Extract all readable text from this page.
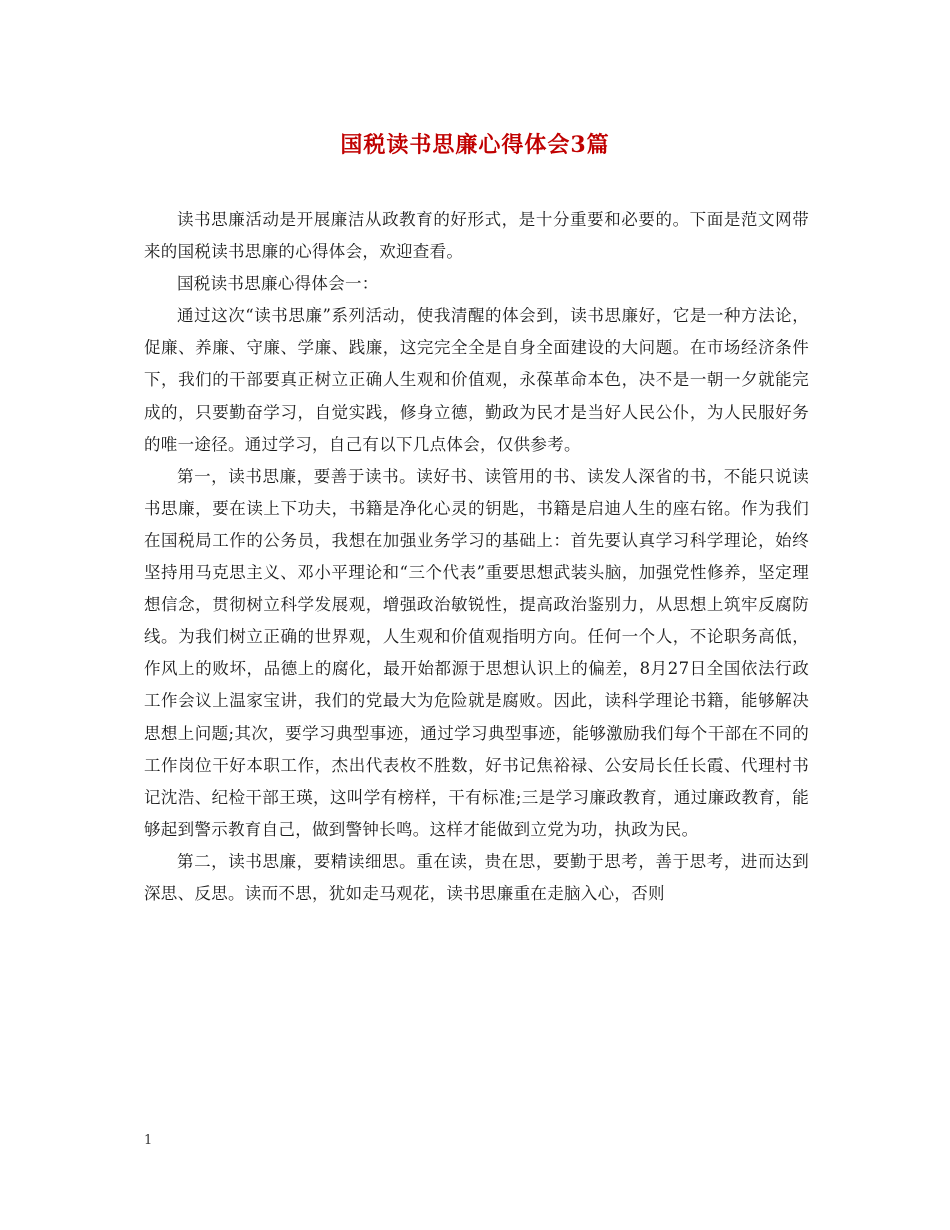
国税读书思廉心得体会3篇

读书思廉活动是开展廉洁从政教育的好形式，是十分重要和必要的。下面是范文网带来的国税读书思廉的心得体会，欢迎查看。

国税读书思廉心得体会一：

通过这次“读书思廉”系列活动，使我清醒的体会到，读书思廉好，它是一种方法论，促廉、养廉、守廉、学廉、践廉，这完完全全是自身全面建设的大问题。在市场经济条件下，我们的干部要真正树立正确人生观和价值观，永葆革命本色，决不是一朝一夕就能完成的，只要勤奋学习，自觉实践，修身立德，勤政为民才是当好人民公仆，为人民服好务的唯一途径。通过学习，自己有以下几点体会，仅供参考。

第一，读书思廉，要善于读书。读好书、读管用的书、读发人深省的书，不能只说读书思廉，要在读上下功夫，书籍是净化心灵的钥匙，书籍是启迪人生的座右铭。作为我们在国税局工作的公务员，我想在加强业务学习的基础上：首先要认真学习科学理论，始终坚持用马克思主义、邓小平理论和“三个代表”重要思想武装头脑，加强党性修养，坚定理想信念，贯彻树立科学发展观，增强政治敏锐性，提高政治鉴别力，从思想上筑牢反腐防线。为我们树立正确的世界观，人生观和价值观指明方向。任何一个人，不论职务高低，作风上的败坏，品德上的腐化，最开始都源于思想认识上的偏差，8月27日全国依法行政工作会议上温家宝讲，我们的党最大为危险就是腐败。因此，读科学理论书籍，能够解决思想上问题;其次，要学习典型事迹，通过学习典型事迹，能够激励我们每个干部在不同的工作岗位干好本职工作，杰出代表枚不胜数，好书记焦裕禄、公安局长任长霞、代理村书记沈浩、纪检干部王瑛，这叫学有榜样，干有标准;三是学习廉政教育，通过廉政教育，能够起到警示教育自己，做到警钟长鸣。这样才能做到立党为功，执政为民。

第二，读书思廉，要精读细思。重在读，贵在思，要勤于思考，善于思考，进而达到深思、反思。读而不思，犹如走马观花，读书思廉重在走脑入心，否则

1
